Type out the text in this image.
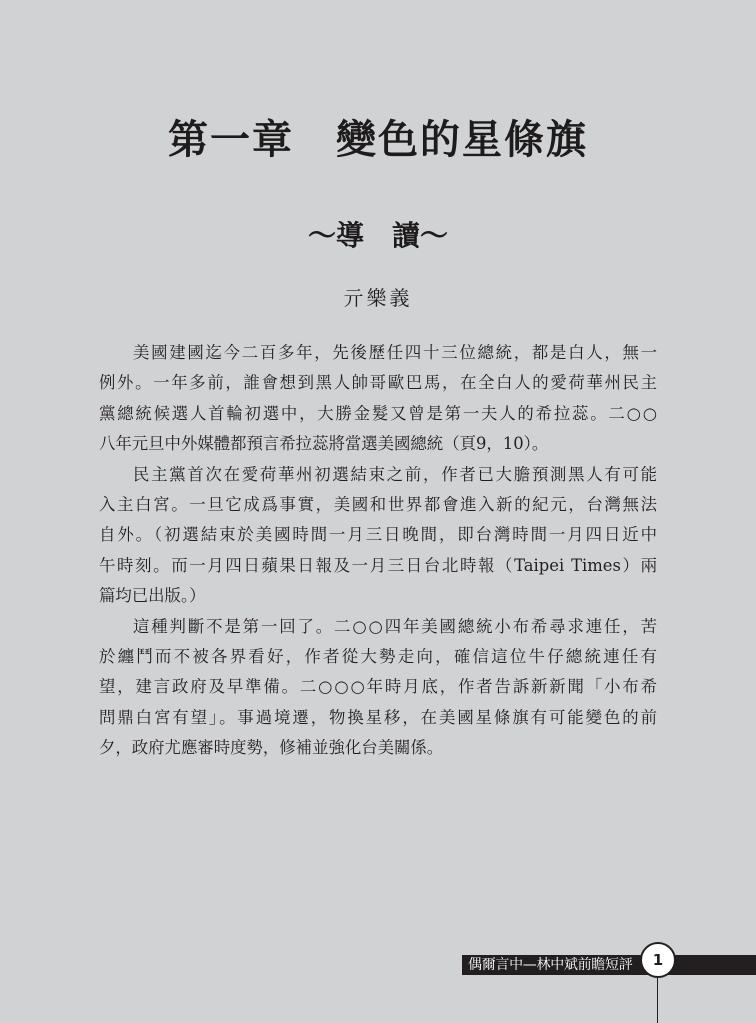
第一章　變色的星條旗
～導　讀～
亓樂義

美國建國迄今二百多年，先後歷任四十三位總統，都是白人，無一
例外。一年多前，誰會想到黑人帥哥歐巴馬，在全白人的愛荷華州民主
黨總統候選人首輪初選中，大勝金髮又曾是第一夫人的希拉蕊。二○○
八年元旦中外媒體都預言希拉蕊將當選美國總統（頁9，10）。

民主黨首次在愛荷華州初選結束之前，作者已大膽預測黑人有可能
入主白宮。一旦它成爲事實，美國和世界都會進入新的紀元，台灣無法
自外。（初選結束於美國時間一月三日晚間，即台灣時間一月四日近中
午時刻。而一月四日蘋果日報及一月三日台北時報（Taipei Times）兩
篇均已出版。）

這種判斷不是第一回了。二○○四年美國總統小布希尋求連任，苦
於纏鬥而不被各界看好，作者從大勢走向，確信這位牛仔總統連任有
望，建言政府及早準備。二○○○年時月底，作者告訴新新聞「小布希
問鼎白宮有望」。事過境遷，物換星移，在美國星條旗有可能變色的前
夕，政府尤應審時度勢，修補並強化台美關係。

偶爾言中—林中斌前瞻短評	1
